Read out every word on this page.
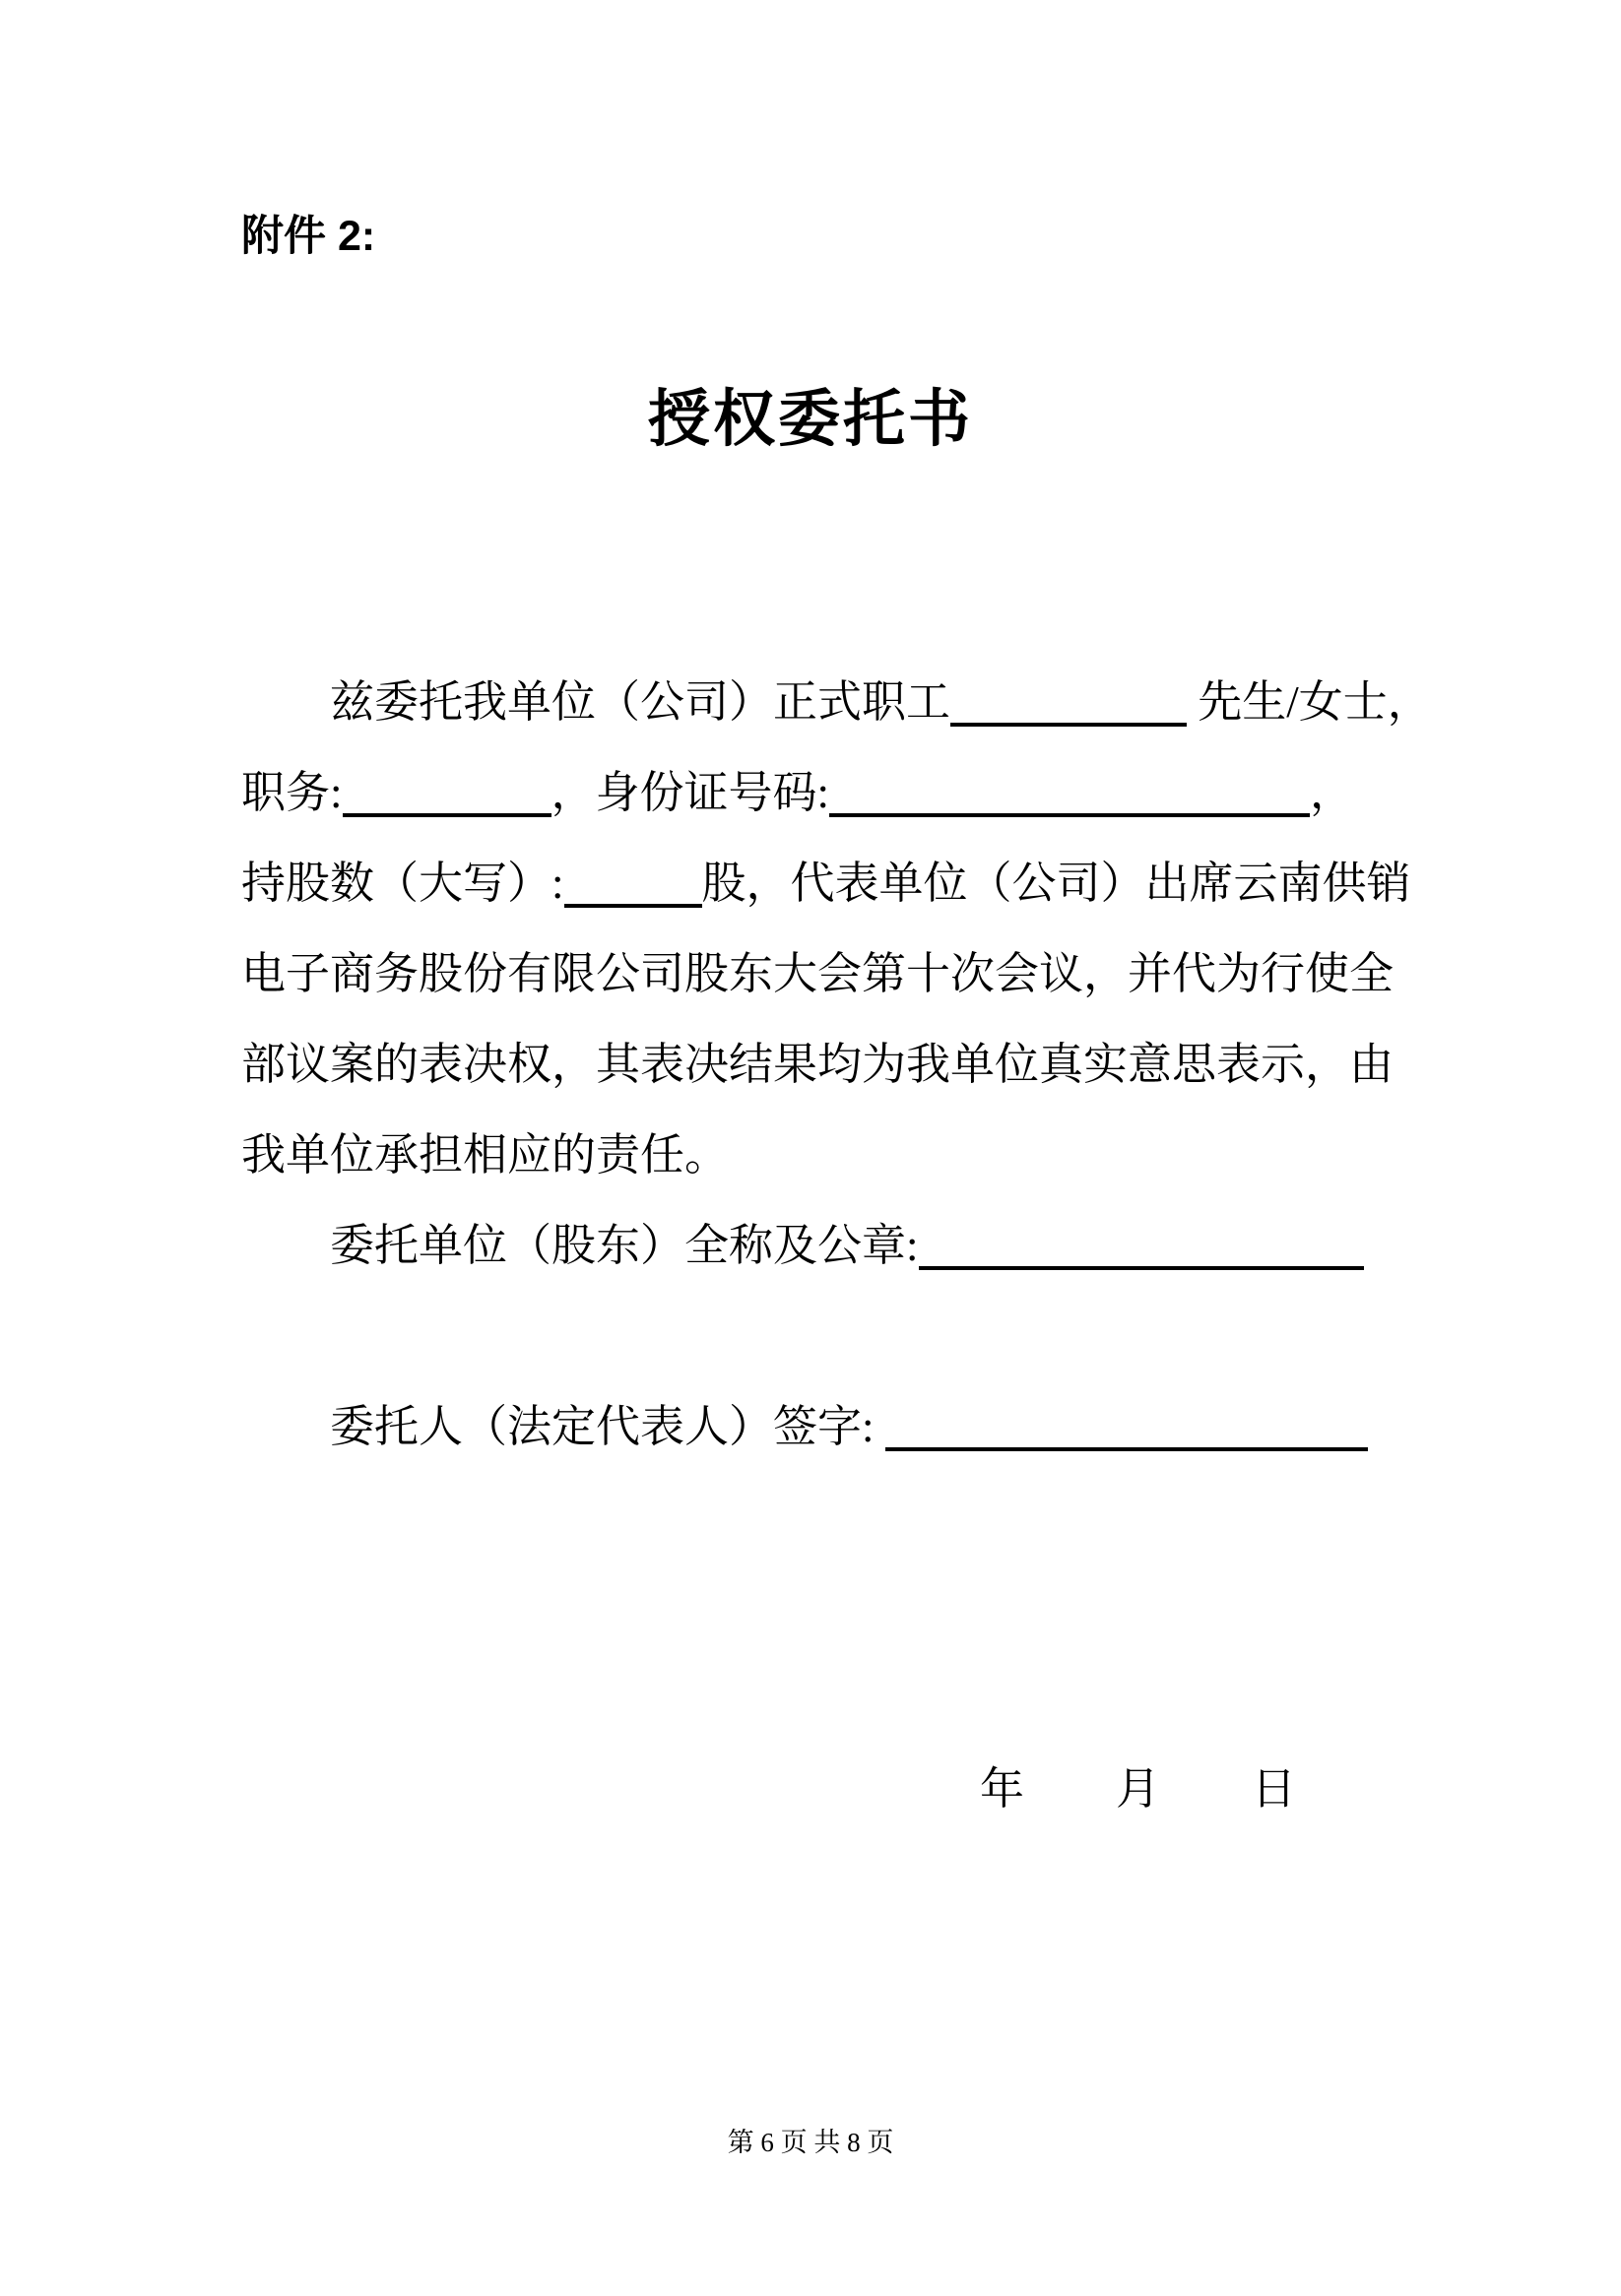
附件 2:
授权委托书
兹委托我单位（公司）正式职工	先生/女士，
职务:	，身份证号码:	，
持股数（大写）:	股，代表单位（公司）出席云南供销
电子商务股份有限公司股东大会第十次会议，并代为行使全
部议案的表决权，其表决结果均为我单位真实意思表示，由
我单位承担相应的责任。
委托单位（股东）全称及公章:
委托人（法定代表人）签字:
年　　月　　日
第 6 页 共 8 页
